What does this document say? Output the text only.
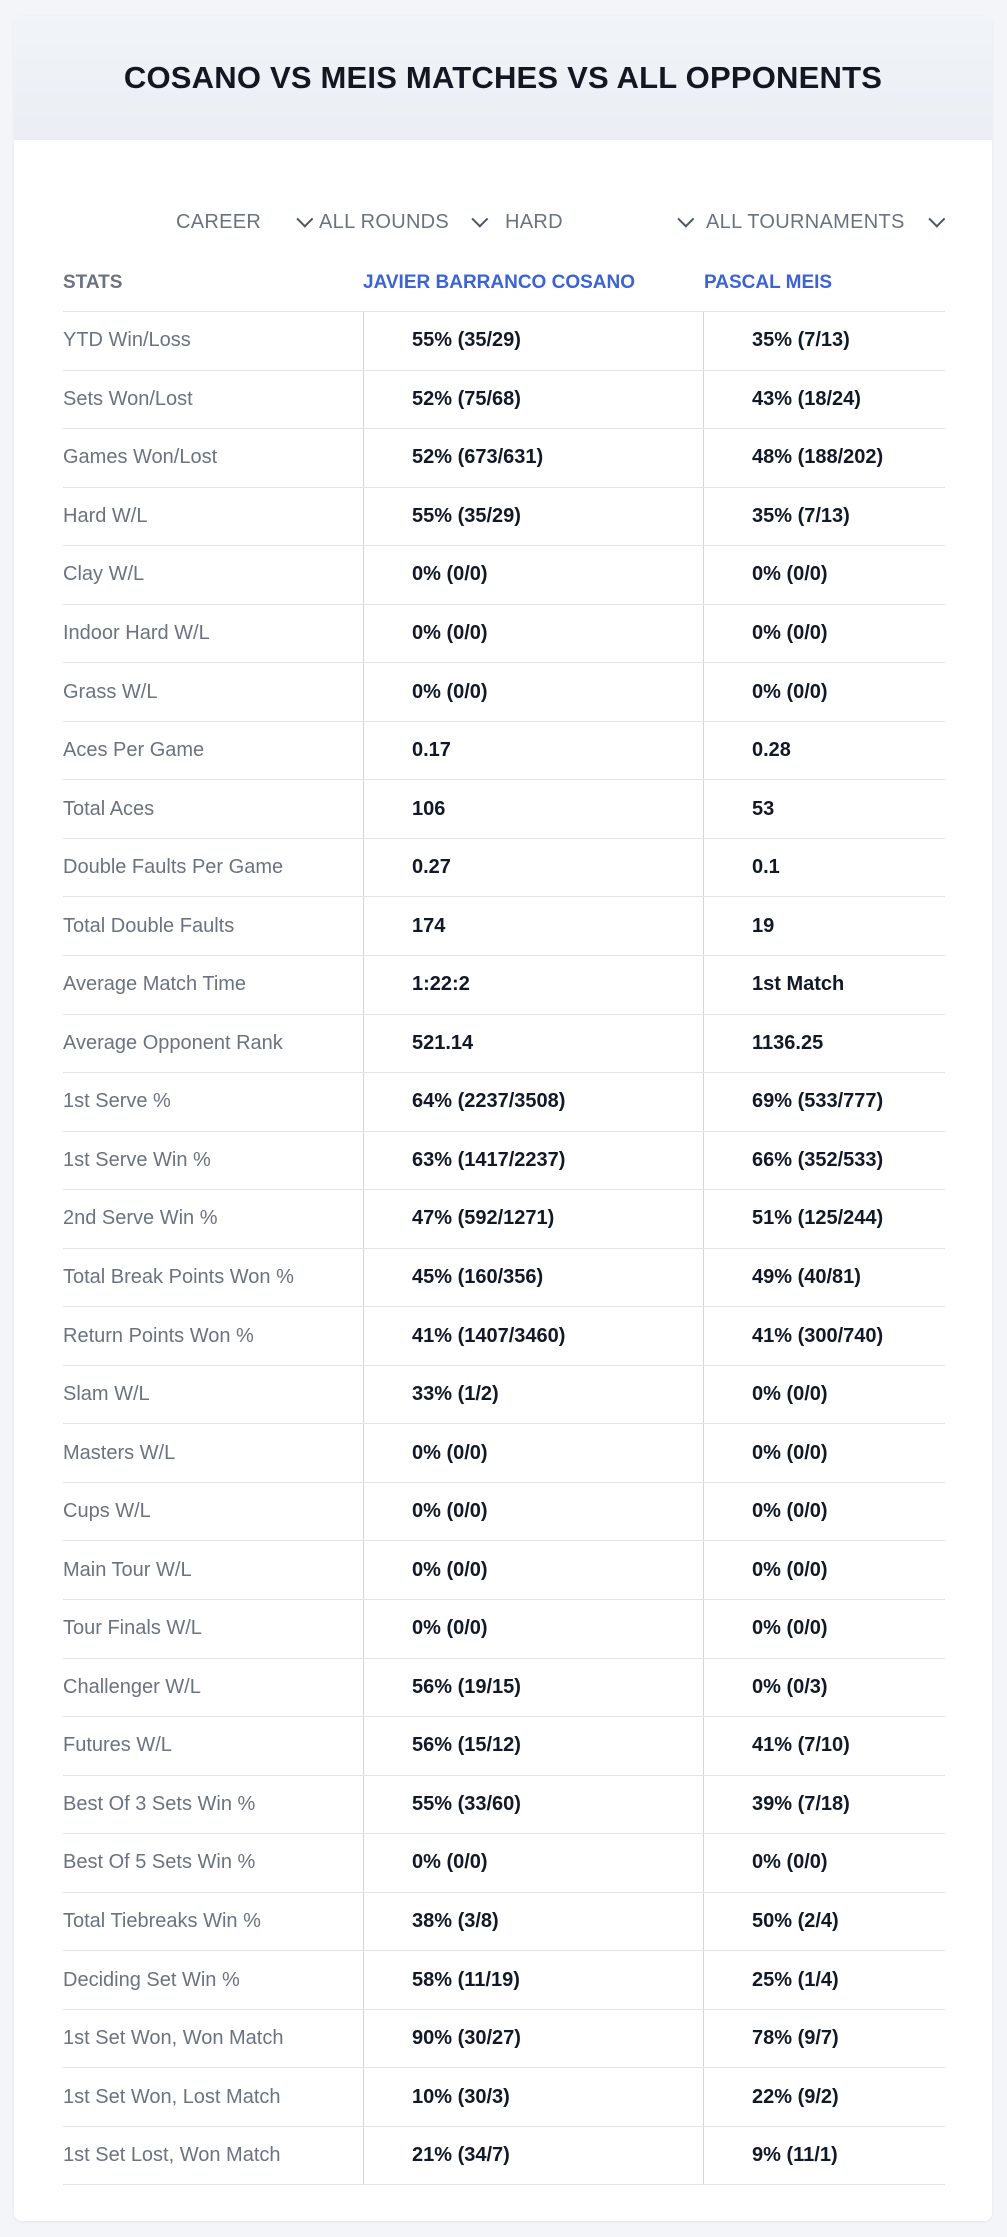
COSANO VS MEIS MATCHES VS ALL OPPONENTS
CAREER	ALL ROUNDS	HARD	ALL TOURNAMENTS
STATS	JAVIER BARRANCO COSANO	PASCAL MEIS
YTD Win/Loss	55% (35/29)	35% (7/13)
Sets Won/Lost	52% (75/68)	43% (18/24)
Games Won/Lost	52% (673/631)	48% (188/202)
Hard W/L	55% (35/29)	35% (7/13)
Clay W/L	0% (0/0)	0% (0/0)
Indoor Hard W/L	0% (0/0)	0% (0/0)
Grass W/L	0% (0/0)	0% (0/0)
Aces Per Game	0.17	0.28
Total Aces	106	53
Double Faults Per Game	0.27	0.1
Total Double Faults	174	19
Average Match Time	1:22:2	1st Match
Average Opponent Rank	521.14	1136.25
1st Serve %	64% (2237/3508)	69% (533/777)
1st Serve Win %	63% (1417/2237)	66% (352/533)
2nd Serve Win %	47% (592/1271)	51% (125/244)
Total Break Points Won %	45% (160/356)	49% (40/81)
Return Points Won %	41% (1407/3460)	41% (300/740)
Slam W/L	33% (1/2)	0% (0/0)
Masters W/L	0% (0/0)	0% (0/0)
Cups W/L	0% (0/0)	0% (0/0)
Main Tour W/L	0% (0/0)	0% (0/0)
Tour Finals W/L	0% (0/0)	0% (0/0)
Challenger W/L	56% (19/15)	0% (0/3)
Futures W/L	56% (15/12)	41% (7/10)
Best Of 3 Sets Win %	55% (33/60)	39% (7/18)
Best Of 5 Sets Win %	0% (0/0)	0% (0/0)
Total Tiebreaks Win %	38% (3/8)	50% (2/4)
Deciding Set Win %	58% (11/19)	25% (1/4)
1st Set Won, Won Match	90% (30/27)	78% (9/7)
1st Set Won, Lost Match	10% (30/3)	22% (9/2)
1st Set Lost, Won Match	21% (34/7)	9% (11/1)
